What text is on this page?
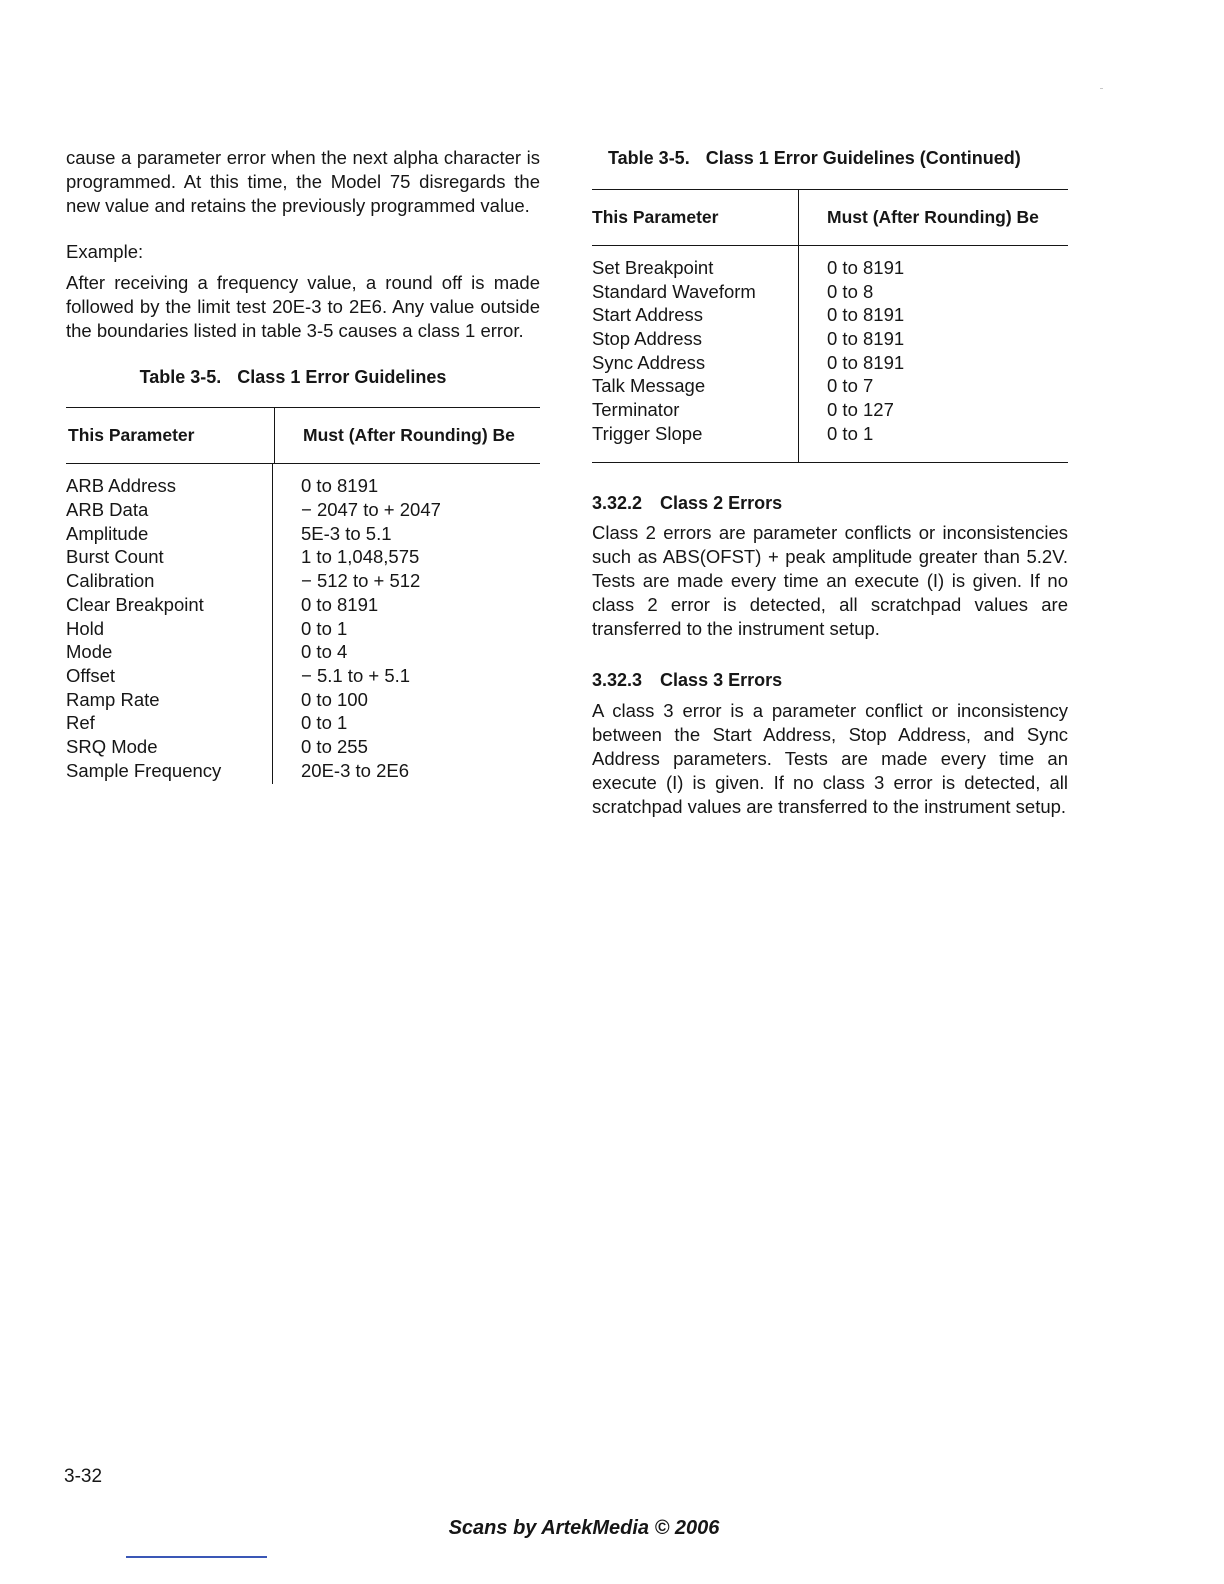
cause a parameter error when the next alpha character is programmed. At this time, the Model 75 disregards the new value and retains the previously programmed value.

Example:

After receiving a frequency value, a round off is made followed by the limit test 20E-3 to 2E6. Any value outside the boundaries listed in table 3-5 causes a class 1 error.

Table 3-5. Class 1 Error Guidelines
This Parameter	Must (After Rounding) Be
ARB Address
ARB Data
Amplitude
Burst Count
Calibration
Clear Breakpoint
Hold
Mode
Offset
Ramp Rate
Ref
SRQ Mode
Sample Frequency
0 to 8191
− 2047 to + 2047
5E-3 to 5.1
1 to 1,048,575
− 512 to + 512
0 to 8191
0 to 1
0 to 4
− 5.1 to + 5.1
0 to 100
0 to 1
0 to 255
20E-3 to 2E6
Table 3-5. Class 1 Error Guidelines (Continued)
This Parameter	Must (After Rounding) Be
Set Breakpoint
Standard Waveform
Start Address
Stop Address
Sync Address
Talk Message
Terminator
Trigger Slope
0 to 8191
0 to 8
0 to 8191
0 to 8191
0 to 8191
0 to 7
0 to 127
0 to 1
3.32.2 Class 2 Errors

Class 2 errors are parameter conflicts or inconsistencies such as ABS(OFST) + peak amplitude greater than 5.2V. Tests are made every time an execute (I) is given. If no class 2 error is detected, all scratchpad values are transferred to the instrument setup.

3.32.3 Class 3 Errors

A class 3 error is a parameter conflict or inconsistency between the Start Address, Stop Address, and Sync Address parameters. Tests are made every time an execute (I) is given. If no class 3 error is detected, all scratchpad values are transferred to the instrument setup.

3-32
Scans by ArtekMedia © 2006
